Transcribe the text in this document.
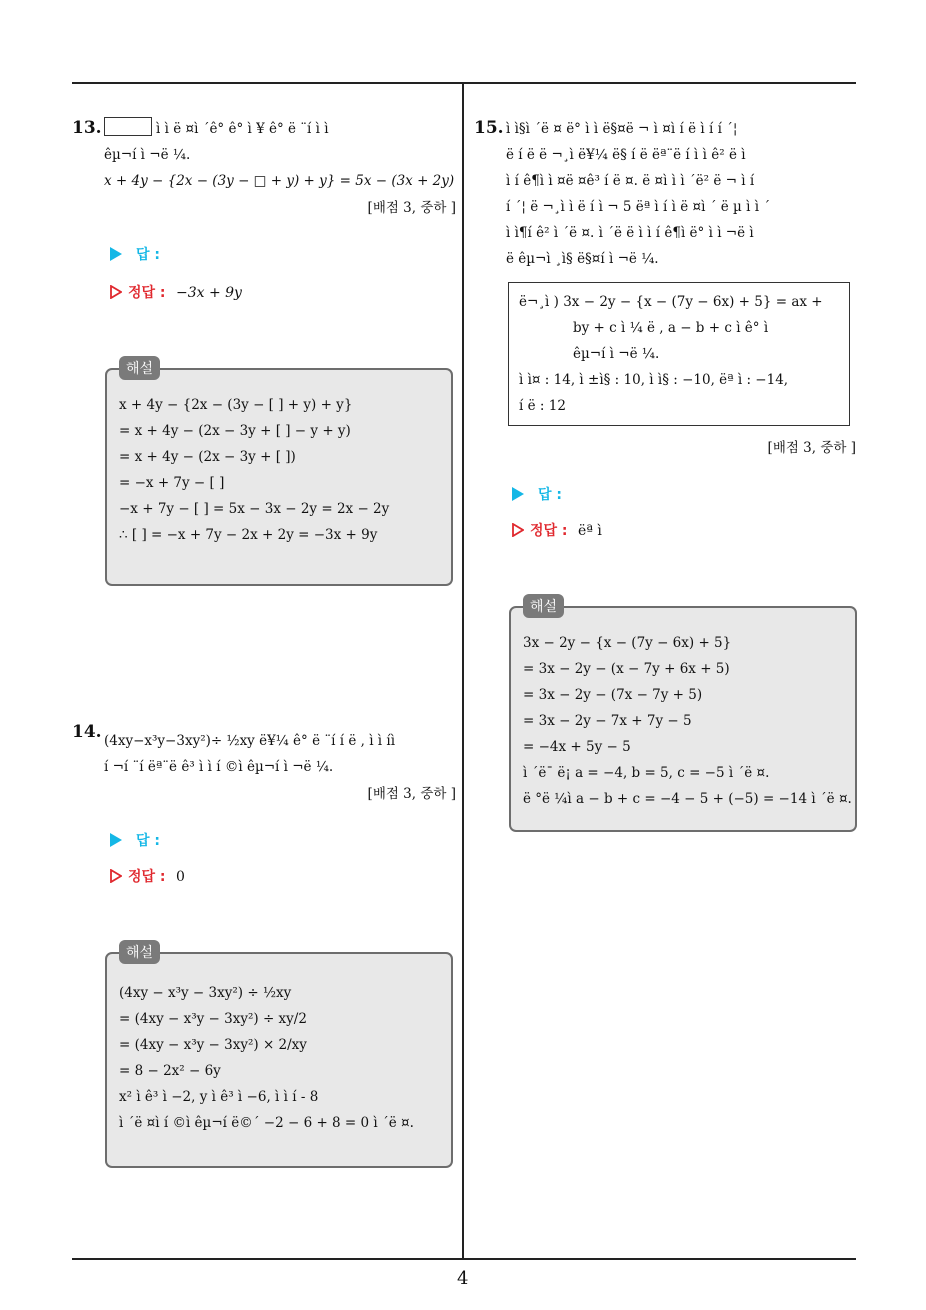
13.	ì ì ë ¤ì ´ê° ê° ì ¥ ê° ë ¨í ì ì
êµ¬í ì ¬ë ¼.
x + 4y − {2x − (3y − □ + y) + y} = 5x − (3x + 2y)
[배점 3, 중하 ]
답 :
정답 : −3x + 9y
x + 4y − {2x − (3y − [ ] + y) + y}
= x + 4y − (2x − 3y + [ ] − y + y)
= x + 4y − (2x − 3y + [ ])
= −x + 7y − [ ]
−x + 7y − [ ] = 5x − 3x − 2y = 2x − 2y
∴ [ ] = −x + 7y − 2x + 2y = −3x + 9y
해설
14. (4xy−x³y−3xy²)÷ ½xy ë¥¼ ê° ë ¨í í ë , ì ì íì
í ¬í ¨í ëª¨ë ê³ ì ì í ©ì êµ¬í ì ¬ë ¼.
[배점 3, 중하 ]
답 :
정답 : 0
(4xy − x³y − 3xy²) ÷ ½xy
= (4xy − x³y − 3xy²) ÷ xy/2
= (4xy − x³y − 3xy²) × 2/xy
= 8 − 2x² − 6y
x² ì ê³ ì −2, y ì ê³ ì −6, ì ì í - 8
ì ´ë ¤ì í ©ì êµ¬í ë©´ −2 − 6 + 8 = 0 ì ´ë ¤.
해설
15. ì ì§ì ´ë ¤ ë° ì ì ë§¤ë ¬ ì ¤ì í ë ì í í ´¦
ë í ë ë ¬¸ì ë¥¼ ë§ í ë ëª¨ë í ì ì ê² ë ì
ì í ê¶ì ì ¤ë ¤ê³ í ë ¤. ë ¤ì ì ì ´ë² ë ¬ ì í
í ´¦ ë ¬¸ì ì ë í ì ¬ 5 ëª ì í ì ë ¤ì ´ ë µ ì ì ´
ì ì¶í ê² ì ´ë ¤. ì ´ë ë ì ì í ê¶ì ë° ì ì ¬ë ì
ë êµ¬ì ¸ì§ ë§¤í ì ¬ë ¼.
ë¬¸ì ) 3x − 2y − {x − (7y − 6x) + 5} = ax +
by + c ì ¼ ë , a − b + c ì ê° ì
êµ¬í ì ¬ë ¼.
ì ì¤ : 14, ì ±ì§ : 10, ì ì§ : −10, ëª ì : −14,
í ë : 12
[배점 3, 중하 ]
답 :
정답 : ëª ì
3x − 2y − {x − (7y − 6x) + 5}
= 3x − 2y − (x − 7y + 6x + 5)
= 3x − 2y − (7x − 7y + 5)
= 3x − 2y − 7x + 7y − 5
= −4x + 5y − 5
ì ´ë¯ ë¡ a = −4, b = 5, c = −5 ì ´ë ¤.
ë °ë ¼ì a − b + c = −4 − 5 + (−5) = −14 ì ´ë ¤.
해설
4
